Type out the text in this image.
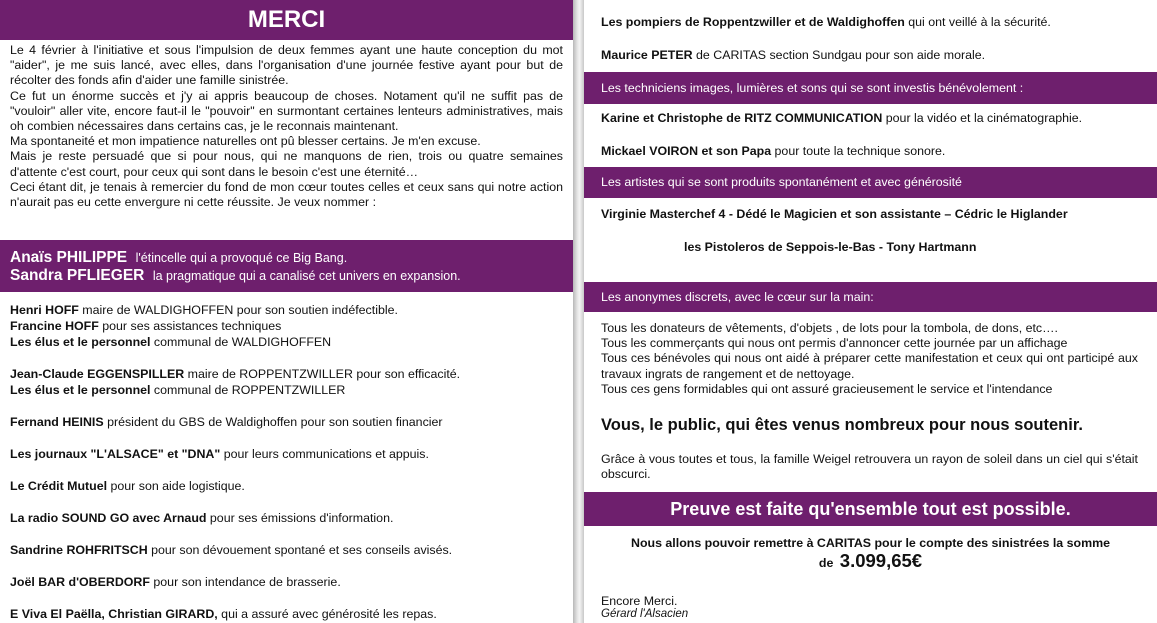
MERCI

Le 4 février à l'initiative et sous l'impulsion de deux femmes ayant une haute conception du mot "aider", je me suis lancé, avec elles, dans l'organisation d'une journée festive ayant pour but de récolter des fonds afin d'aider une famille sinistrée.

Ce fut un énorme succès et j'y ai appris beaucoup de choses. Notament qu'il ne suffit pas de "vouloir" aller vite, encore faut-il le "pouvoir" en surmontant certaines lenteurs administratives, mais oh combien nécessaires dans certains cas, je le reconnais maintenant.

Ma spontaneité et mon impatience naturelles ont pû blesser certains. Je m'en excuse.

Mais je reste persuadé que si pour nous, qui ne manquons de rien, trois ou quatre semaines d'attente c'est court, pour ceux qui sont dans le besoin c'est une éternité…

Ceci étant dit, je tenais à remercier du fond de mon cœur toutes celles et ceux sans qui notre action n'aurait pas eu cette envergure ni cette réussite. Je veux nommer :

Anaïs PHILIPPE l'étincelle qui a provoqué ce Big Bang.
Sandra PFLIEGER la pragmatique qui a canalisé cet univers en expansion.
Henri HOFF maire de WALDIGHOFFEN pour son soutien indéfectible.
Francine HOFF pour ses assistances techniques
Les élus et le personnel communal de WALDIGHOFFEN
Jean-Claude EGGENSPILLER maire de ROPPENTZWILLER pour son efficacité.
Les élus et le personnel communal de ROPPENTZWILLER
Fernand HEINIS président du GBS de Waldighoffen pour son soutien financier
Les journaux "L'ALSACE" et "DNA" pour leurs communications et appuis.
Le Crédit Mutuel pour son aide logistique.
La radio SOUND GO avec Arnaud pour ses émissions d'information.
Sandrine ROHFRITSCH pour son dévouement spontané et ses conseils avisés.
Joël BAR d'OBERDORF pour son intendance de brasserie.
E Viva El Paëlla, Christian GIRARD, qui a assuré avec générosité les repas.
Les pompiers de Roppentzwiller et de Waldighoffen qui ont veillé à la sécurité.
Maurice PETER de CARITAS section Sundgau pour son aide morale.
Les techniciens images, lumières et sons qui se sont investis bénévolement :
Karine et Christophe de RITZ COMMUNICATION pour la vidéo et la cinématographie.
Mickael VOIRON et son Papa pour toute la technique sonore.
Les artistes qui se sont produits spontanément et avec générosité
Virginie Masterchef 4 - Dédé le Magicien et son assistante – Cédric le Higlander
les Pistoleros de Seppois-le-Bas - Tony Hartmann
Les anonymes discrets, avec le cœur sur la main:

Tous les donateurs de vêtements, d'objets , de lots pour la tombola, de dons, etc….

Tous les commerçants qui nous ont permis d'annoncer cette journée par un affichage

Tous ces bénévoles qui nous ont aidé à préparer cette manifestation et ceux qui ont participé aux travaux ingrats de rangement et de nettoyage.

Tous ces gens formidables qui ont assuré gracieusement le service et l'intendance

Vous, le public, qui êtes venus nombreux pour nous soutenir.

Grâce à vous toutes et tous, la famille Weigel retrouvera un rayon de soleil dans un ciel qui s'était obscurci.

Preuve est faite qu'ensemble tout est possible.
Nous allons pouvoir remettre à CARITAS pour le compte des sinistrées la somme
de 3.099,65€
Encore Merci.
Gérard l'Alsacien
